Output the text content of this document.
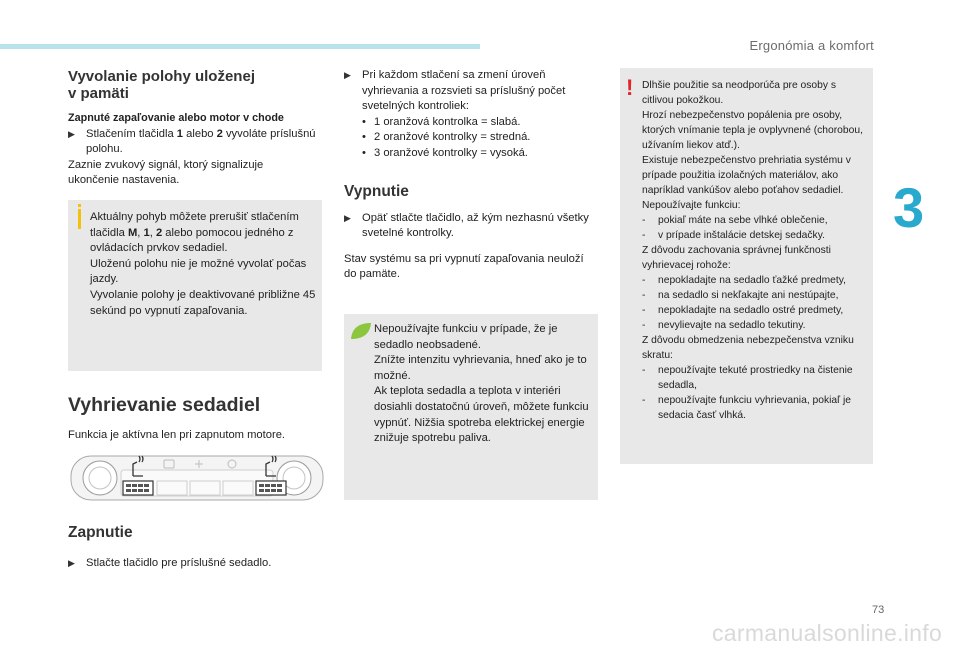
Ergonómia a komfort
3
Vyvolanie polohy uloženej
v pamäti
Zapnuté zapaľovanie alebo motor v chode
▶ Stlačením tlačidla 1 alebo 2 vyvoláte príslušnú polohu.

Zaznie zvukový signál, ktorý signalizuje
ukončenie nastavenia.

Aktuálny pohyb môžete prerušiť stlačením tlačidla M, 1, 2 alebo pomocou jedného z ovládacích prvkov sedadiel.

Uloženú polohu nie je možné vyvolať počas jazdy.

Vyvolanie polohy je deaktivované približne 45 sekúnd po vypnutí zapaľovania.

Vyhrievanie sedadiel

Funkcia je aktívna len pri zapnutom motore.

Zapnutie
▶ Stlačte tlačidlo pre príslušné sedadlo.
▶ Pri každom stlačení sa zmení úroveň vyhrievania a rozsvieti sa príslušný počet svetelných kontroliek:
• 1 oranžová kontrolka = slabá.
• 2 oranžové kontrolky = stredná.
• 3 oranžové kontrolky = vysoká.
Vypnutie
▶ Opäť stlačte tlačidlo, až kým nezhasnú všetky svetelné kontrolky.

Stav systému sa pri vypnutí zapaľovania neuloží do pamäte.

Nepoužívajte funkciu v prípade, že je sedadlo neobsadené.

Znížte intenzitu vyhrievania, hneď ako je to možné.

Ak teplota sedadla a teplota v interiéri dosiahli dostatočnú úroveň, môžete funkciu vypnúť. Nižšia spotreba elektrickej energie znižuje spotrebu paliva.

! Dlhšie použitie sa neodporúča pre osoby s citlivou pokožkou.

Hrozí nebezpečenstvo popálenia pre osoby, ktorých vnímanie tepla je ovplyvnené (chorobou, užívaním liekov atď.).

Existuje nebezpečenstvo prehriatia systému v prípade použitia izolačných materiálov, ako napríklad vankúšov alebo poťahov sedadiel.

Nepoužívajte funkciu:

-	pokiaľ máte na sebe vlhké oblečenie,
-	v prípade inštalácie detskej sedačky.

Z dôvodu zachovania správnej funkčnosti vyhrievacej rohože:

-	nepokladajte na sedadlo ťažké predmety,
-	na sedadlo si nekľakajte ani nestúpajte,
-	nepokladajte na sedadlo ostré predmety,
-	nevylievajte na sedadlo tekutiny.

Z dôvodu obmedzenia nebezpečenstva vzniku skratu:

-	nepoužívajte tekuté prostriedky na čistenie sedadla,
-	nepoužívajte funkciu vyhrievania, pokiaľ je sedacia časť vlhká.
73
carmanualsonline.info
